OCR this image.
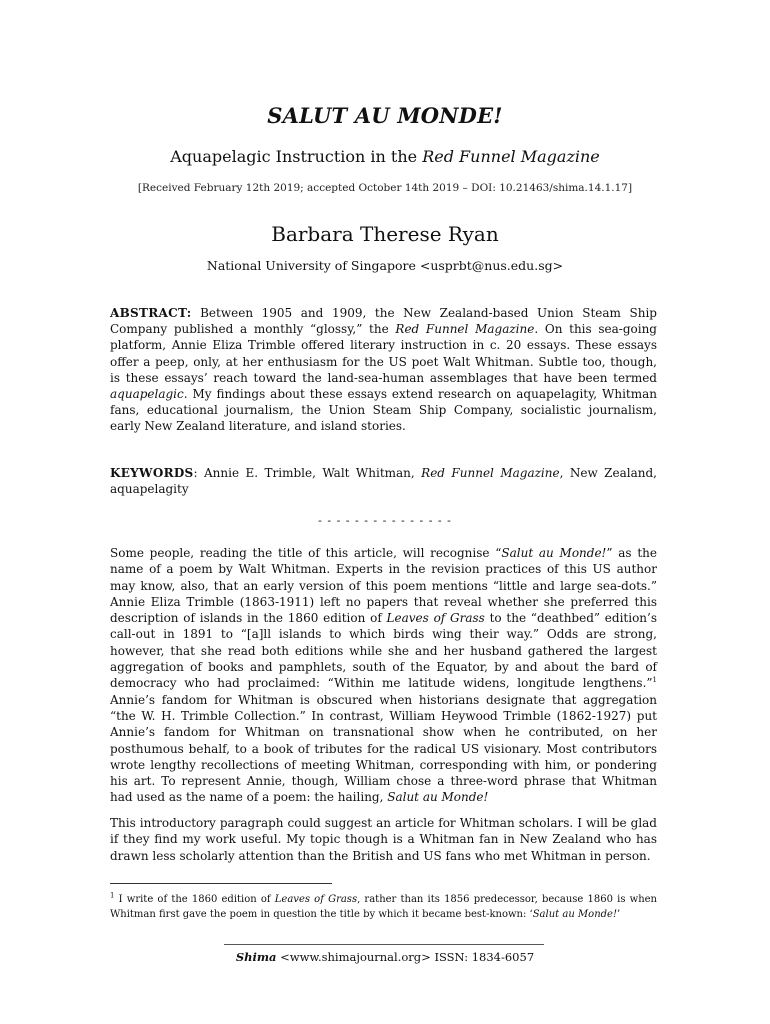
SALUT AU MONDE!
Aquapelagic Instruction in the Red Funnel Magazine
[Received February 12th 2019; accepted October 14th 2019 – DOI: 10.21463/shima.14.1.17]
Barbara Therese Ryan
National University of Singapore <usprbt@nus.edu.sg>
ABSTRACT: Between 1905 and 1909, the New Zealand-based Union Steam Ship Company published a monthly “glossy,” the Red Funnel Magazine. On this sea-going platform, Annie Eliza Trimble offered literary instruction in c. 20 essays. These essays offer a peep, only, at her enthusiasm for the US poet Walt Whitman. Subtle too, though, is these essays’ reach toward the land-sea-human assemblages that have been termed aquapelagic. My findings about these essays extend research on aquapelagity, Whitman fans, educational journalism, the Union Steam Ship Company, socialistic journalism, early New Zealand literature, and island stories.
KEYWORDS: Annie E. Trimble, Walt Whitman, Red Funnel Magazine, New Zealand, aquapelagity
- - - - - - - - - - - - - - -
Some people, reading the title of this article, will recognise “Salut au Monde!” as the name of a poem by Walt Whitman. Experts in the revision practices of this US author may know, also, that an early version of this poem mentions “little and large sea-dots.” Annie Eliza Trimble (1863-1911) left no papers that reveal whether she preferred this description of islands in the 1860 edition of Leaves of Grass to the “deathbed” edition’s call-out in 1891 to “[a]ll islands to which birds wing their way.” Odds are strong, however, that she read both editions while she and her husband gathered the largest aggregation of books and pamphlets, south of the Equator, by and about the bard of democracy who had proclaimed: “Within me latitude widens, longitude lengthens.”$^1$ Annie’s fandom for Whitman is obscured when historians designate that aggregation “the W. H. Trimble Collection.” In contrast, William Heywood Trimble (1862-1927) put Annie’s fandom for Whitman on transnational show when he contributed, on her posthumous behalf, to a book of tributes for the radical US visionary. Most contributors wrote lengthy recollections of meeting Whitman, corresponding with him, or pondering his art. To represent Annie, though, William chose a three-word phrase that Whitman had used as the name of a poem: the hailing, Salut au Monde!
This introductory paragraph could suggest an article for Whitman scholars. I will be glad if they find my work useful. My topic though is a Whitman fan in New Zealand who has drawn less scholarly attention than the British and US fans who met Whitman in person.
$^1$ I write of the 1860 edition of Leaves of Grass, rather than its 1856 predecessor, because 1860 is when Whitman first gave the poem in question the title by which it became best-known: ‘Salut au Monde!’
Shima <www.shimajournal.org> ISSN: 1834-6057
